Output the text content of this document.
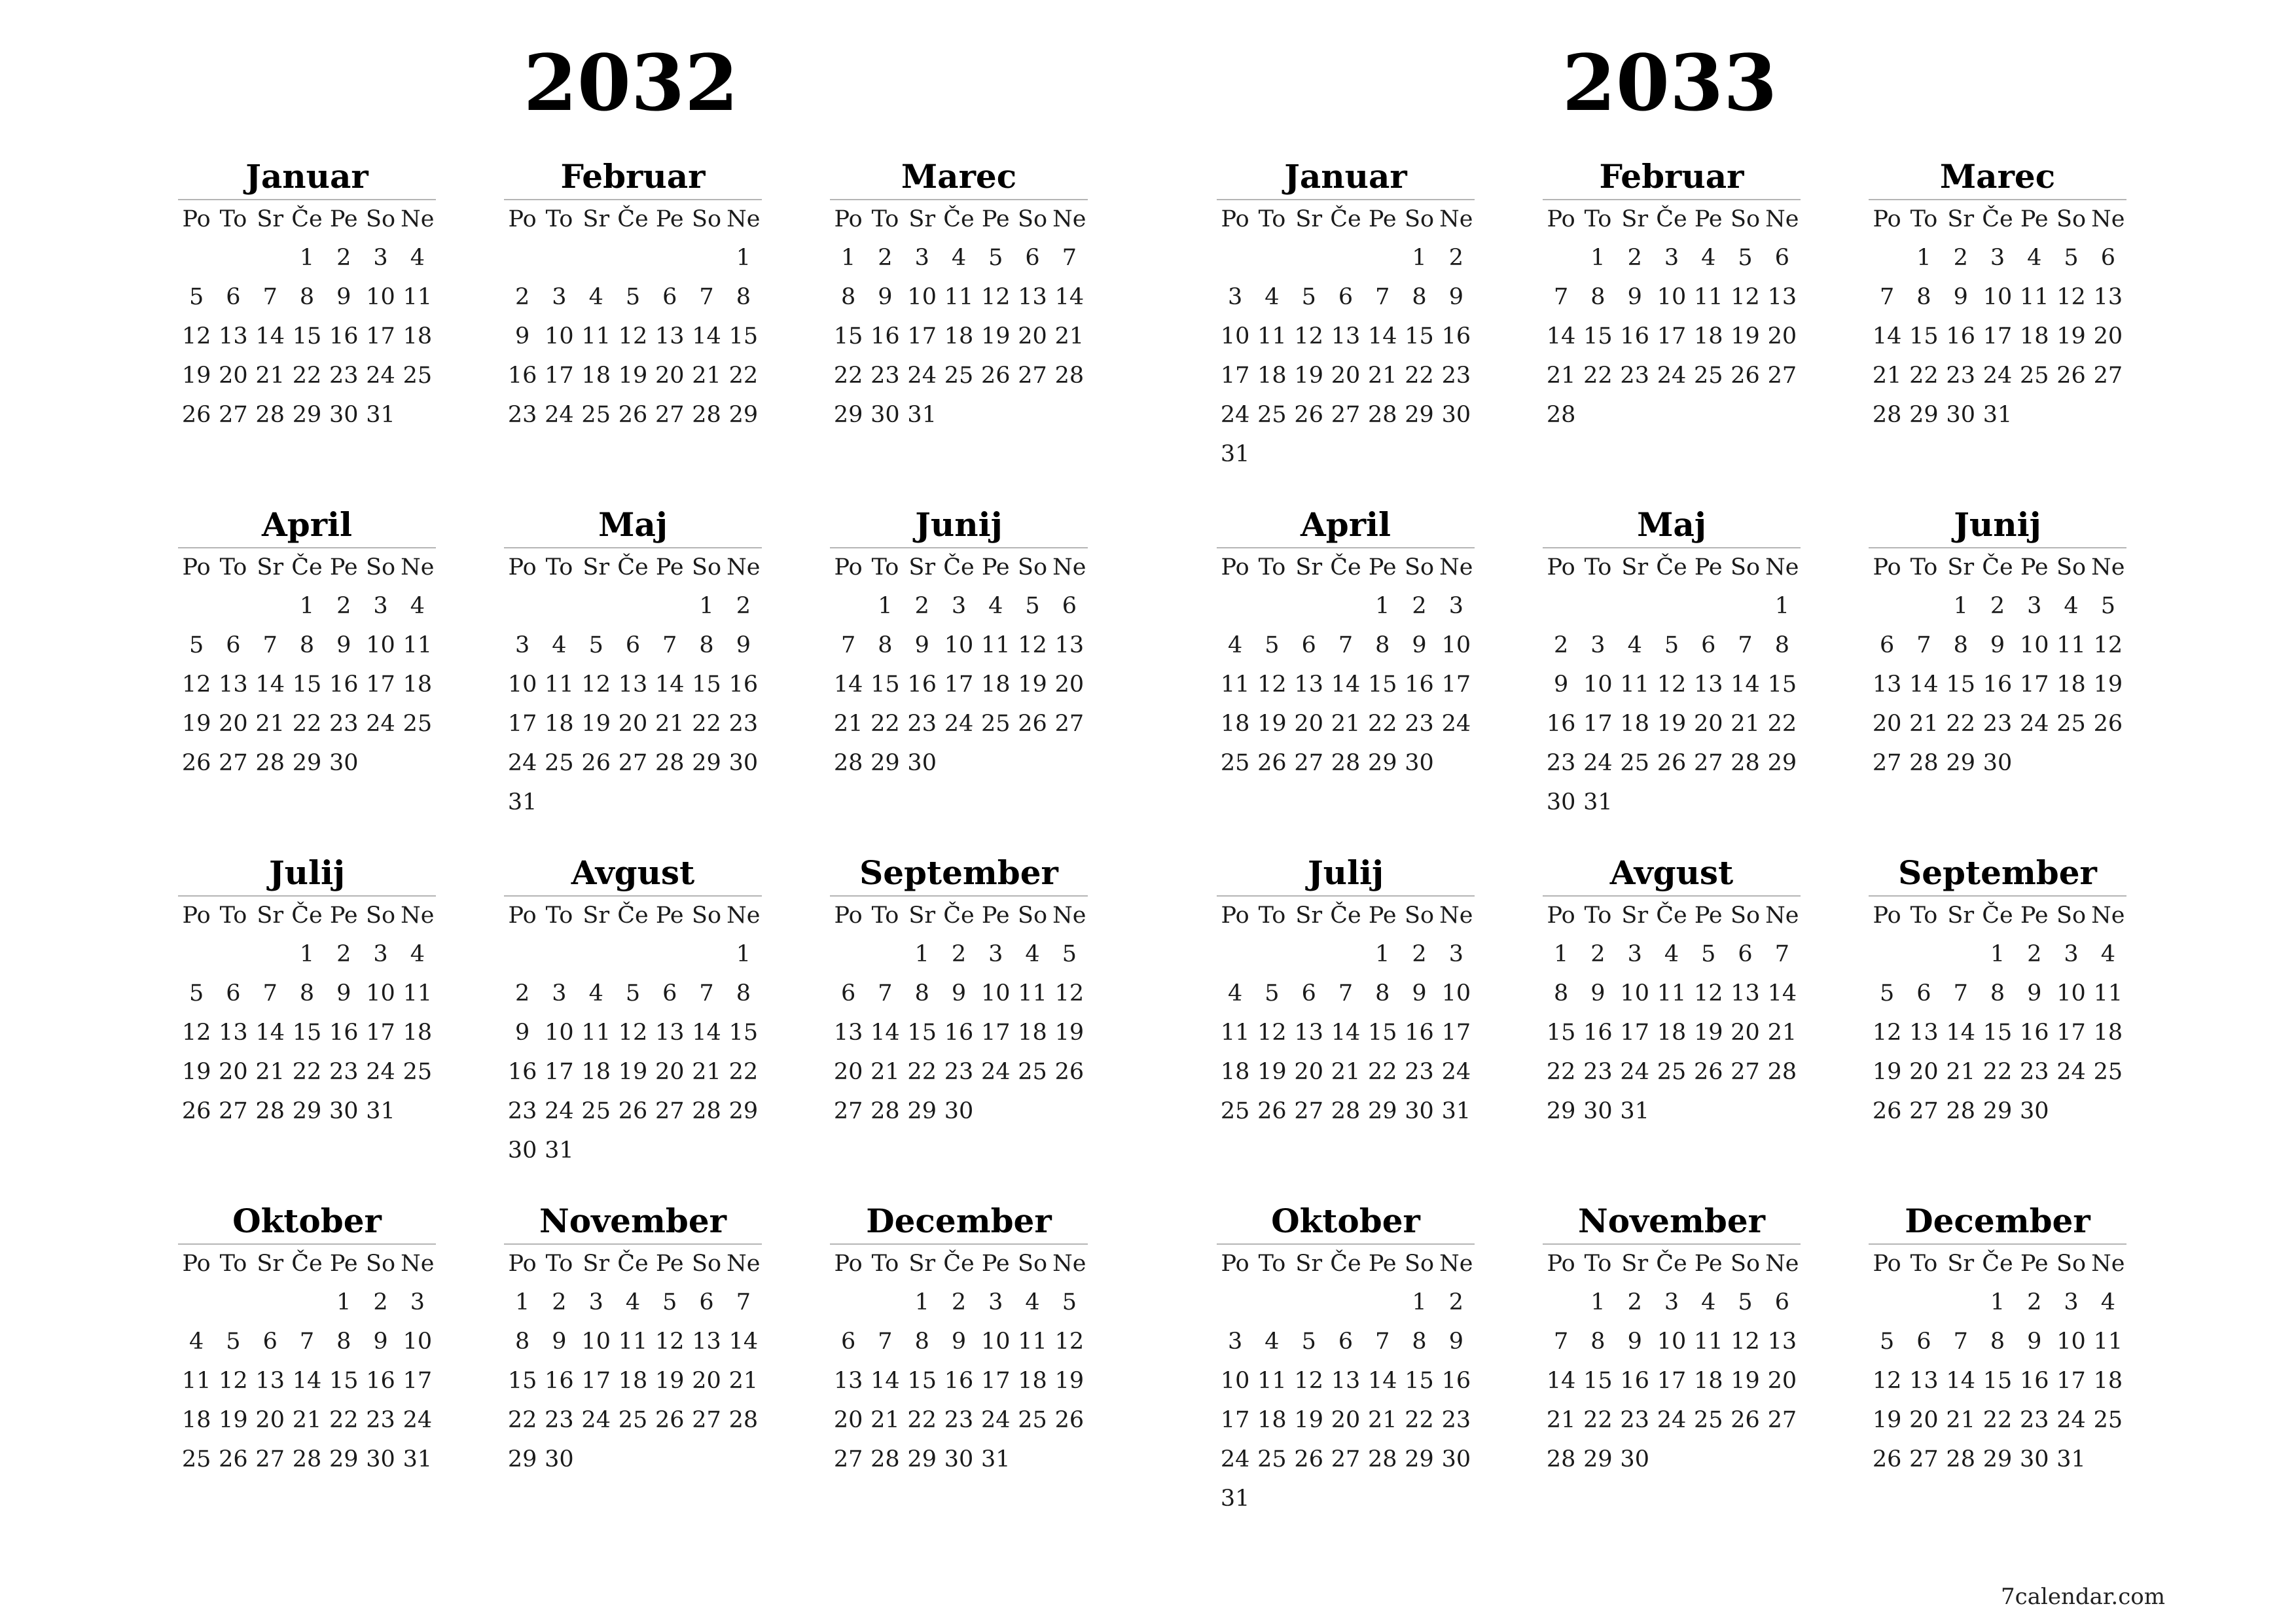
2032	2033
Januar
Po To Sr Če Pe So Ne
1 2 3 4
5 6 7 8 9 10 11
12 13 14 15 16 17 18
19 20 21 22 23 24 25
26 27 28 29 30 31
Februar
Po To Sr Če Pe So Ne
1
2 3 4 5 6 7 8
9 10 11 12 13 14 15
16 17 18 19 20 21 22
23 24 25 26 27 28 29
Marec
Po To Sr Če Pe So Ne
1 2 3 4 5 6 7
8 9 10 11 12 13 14
15 16 17 18 19 20 21
22 23 24 25 26 27 28
29 30 31
April
Po To Sr Če Pe So Ne
1 2 3 4
5 6 7 8 9 10 11
12 13 14 15 16 17 18
19 20 21 22 23 24 25
26 27 28 29 30
Maj
Po To Sr Če Pe So Ne
1 2
3 4 5 6 7 8 9
10 11 12 13 14 15 16
17 18 19 20 21 22 23
24 25 26 27 28 29 30
31
Junij
Po To Sr Če Pe So Ne
1 2 3 4 5 6
7 8 9 10 11 12 13
14 15 16 17 18 19 20
21 22 23 24 25 26 27
28 29 30
Julij
Po To Sr Če Pe So Ne
1 2 3 4
5 6 7 8 9 10 11
12 13 14 15 16 17 18
19 20 21 22 23 24 25
26 27 28 29 30 31
Avgust
Po To Sr Če Pe So Ne
1
2 3 4 5 6 7 8
9 10 11 12 13 14 15
16 17 18 19 20 21 22
23 24 25 26 27 28 29
30 31
September
Po To Sr Če Pe So Ne
1 2 3 4 5
6 7 8 9 10 11 12
13 14 15 16 17 18 19
20 21 22 23 24 25 26
27 28 29 30
Oktober
Po To Sr Če Pe So Ne
1 2 3
4 5 6 7 8 9 10
11 12 13 14 15 16 17
18 19 20 21 22 23 24
25 26 27 28 29 30 31
November
Po To Sr Če Pe So Ne
1 2 3 4 5 6 7
8 9 10 11 12 13 14
15 16 17 18 19 20 21
22 23 24 25 26 27 28
29 30
December
Po To Sr Če Pe So Ne
1 2 3 4 5
6 7 8 9 10 11 12
13 14 15 16 17 18 19
20 21 22 23 24 25 26
27 28 29 30 31
Januar
Po To Sr Če Pe So Ne
1 2
3 4 5 6 7 8 9
10 11 12 13 14 15 16
17 18 19 20 21 22 23
24 25 26 27 28 29 30
31
Februar
Po To Sr Če Pe So Ne
1 2 3 4 5 6
7 8 9 10 11 12 13
14 15 16 17 18 19 20
21 22 23 24 25 26 27
28
Marec
Po To Sr Če Pe So Ne
1 2 3 4 5 6
7 8 9 10 11 12 13
14 15 16 17 18 19 20
21 22 23 24 25 26 27
28 29 30 31
April
Po To Sr Če Pe So Ne
1 2 3
4 5 6 7 8 9 10
11 12 13 14 15 16 17
18 19 20 21 22 23 24
25 26 27 28 29 30
Maj
Po To Sr Če Pe So Ne
1
2 3 4 5 6 7 8
9 10 11 12 13 14 15
16 17 18 19 20 21 22
23 24 25 26 27 28 29
30 31
Junij
Po To Sr Če Pe So Ne
1 2 3 4 5
6 7 8 9 10 11 12
13 14 15 16 17 18 19
20 21 22 23 24 25 26
27 28 29 30
Julij
Po To Sr Če Pe So Ne
1 2 3
4 5 6 7 8 9 10
11 12 13 14 15 16 17
18 19 20 21 22 23 24
25 26 27 28 29 30 31
Avgust
Po To Sr Če Pe So Ne
1 2 3 4 5 6 7
8 9 10 11 12 13 14
15 16 17 18 19 20 21
22 23 24 25 26 27 28
29 30 31
September
Po To Sr Če Pe So Ne
1 2 3 4
5 6 7 8 9 10 11
12 13 14 15 16 17 18
19 20 21 22 23 24 25
26 27 28 29 30
Oktober
Po To Sr Če Pe So Ne
1 2
3 4 5 6 7 8 9
10 11 12 13 14 15 16
17 18 19 20 21 22 23
24 25 26 27 28 29 30
31
November
Po To Sr Če Pe So Ne
1 2 3 4 5 6
7 8 9 10 11 12 13
14 15 16 17 18 19 20
21 22 23 24 25 26 27
28 29 30
December
Po To Sr Če Pe So Ne
1 2 3 4
5 6 7 8 9 10 11
12 13 14 15 16 17 18
19 20 21 22 23 24 25
26 27 28 29 30 31
7calendar.com
